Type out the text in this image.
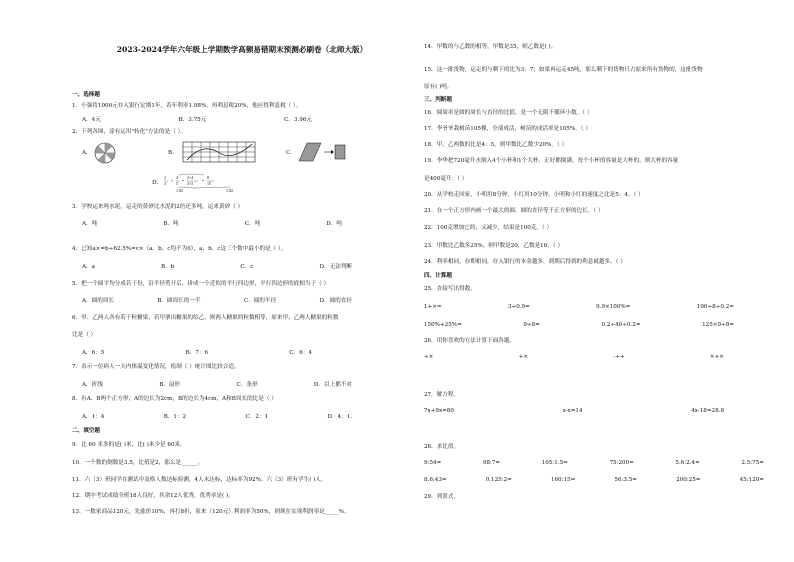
2023-2024学年六年级上学期数学高频易错期末预测必刷卷（北师大版）
一、选择题
1．小强将1000元存入银行定期1年，若年利率1.98%，再利息税20%，他应得利息税（ ）。
A．4元	B．3.75元	C．3.96元
2．下列各图，涂有运用"转化"方法的是（ ）。
A．	B．	C．
D．
2
3
×
4
5
=
2×4
3×5
=
8
15
1.82	1.82
3．学校运来吨水泥，运走的黄砂比水泥的2倍还多吨，运来黄砂（ ）
A．吨	B．吨	C．吨	D．吨
4．已知a×=b÷62.5%=c×（a、b、c均不为0），a、b、c这三个数中最小的是（ ）。
A．a	B．b	C．c	D．无法判断
5．把一个圆平均分成若干份，沿半径剪开后，拼成一个近似的平行四边形，平行四边形的底相当于（ ）
A．圆的周长	B．圆周长的一半	C．圆的半径	D．圆的直径
6．甲、乙两人各有若干粒糖果，若甲拿出糖果的给乙，则两人糖果的粒数相等，原来甲、乙两人糖果的粒数
比是（ ）
A．6：5	B．7：6	C．6：4
7．表示一位病人一天内体温变化情况，绘制（ ）统计图比较合适。
A．折线	B．扇形	C．条形	D．以上都不对
8．有A、B两个正方形，A的边长为2cm，B的边长为4cm，A和B周长的比是（ ）
A．1：4	B．1：2	C．2：1	D．4：1.
二、填空题
9．比 60 米多的是( )米，比( )米少是 60米。
10．一个数的倒数是3.5，比值是2，那么是______。
11．六（3）班同学在测试中及格人数达标检测，4人未达标，达标率为92%。六（3）班有学生( )人。
12．期中考试成绩全班18人良好，其余12人优秀，优秀率是( )。
13．一数家商品120元，先涨价10%，再打8折，原来（120元）利润率为50%，则现在实现利润率是_____%。
14．甲数的与乙数的相等，甲数是35，则乙数是( )。
15．这一批货物，运走的与剩下的比为3：7，如果再运走45吨，那么剩下的货物只占原来所有货物的，这批货物
原有( )吨。
三、判断题
16．圆周率是圆的周长与直径的比值，是一个无限不循环小数。（ ）
17．李爷爷栽树苗105棵，全部成活，树苗的成活率是105%。（ ）
18．甲、乙两数的比是4：5，则甲数比乙数少20%。（ ）
19．李华把720毫升水倒入4个小杯和1个大杯，正好都倒满。每个小杯的容量是大杯的，则大杯的容量
是400毫升。（ ）
20．从学校走回家，小明用8分钟，小红用10分钟，小明和小红的速度之比是5：4。（ ）
21．在一个正方形内画一个最大的圆，圆的直径等于正方形的边长。（ ）
22．100克增加它的，又减少，结果是100克。（ ）
23．甲数比乙数多25%，则甲数是20，乙数是16。（ ）
24．利率相同，存期相同，存入银行的本金越多，到期后得到的利息就越多。（ ）
四、计算题
25．直接写出得数。
1+×=	3÷0.9=	9.9×100%=	100÷8÷0.2=
150%+25%=	9÷8=	0.2÷40÷0.2=	125×9÷8=
26．用你喜欢的方法计算下面各题。
÷×	+×	-÷+	×+×
27．解方程。
7x+9x=80	x-x=14	4x-18=28.8
28．求比值。
9:54=	98:7=	105:1.5=	75:200=	5.6:2.4=	2.5:75=
8.6:43=	0.125:2=	160:15=	56:3.5=	200:25=	45:120=
29．列算式。
